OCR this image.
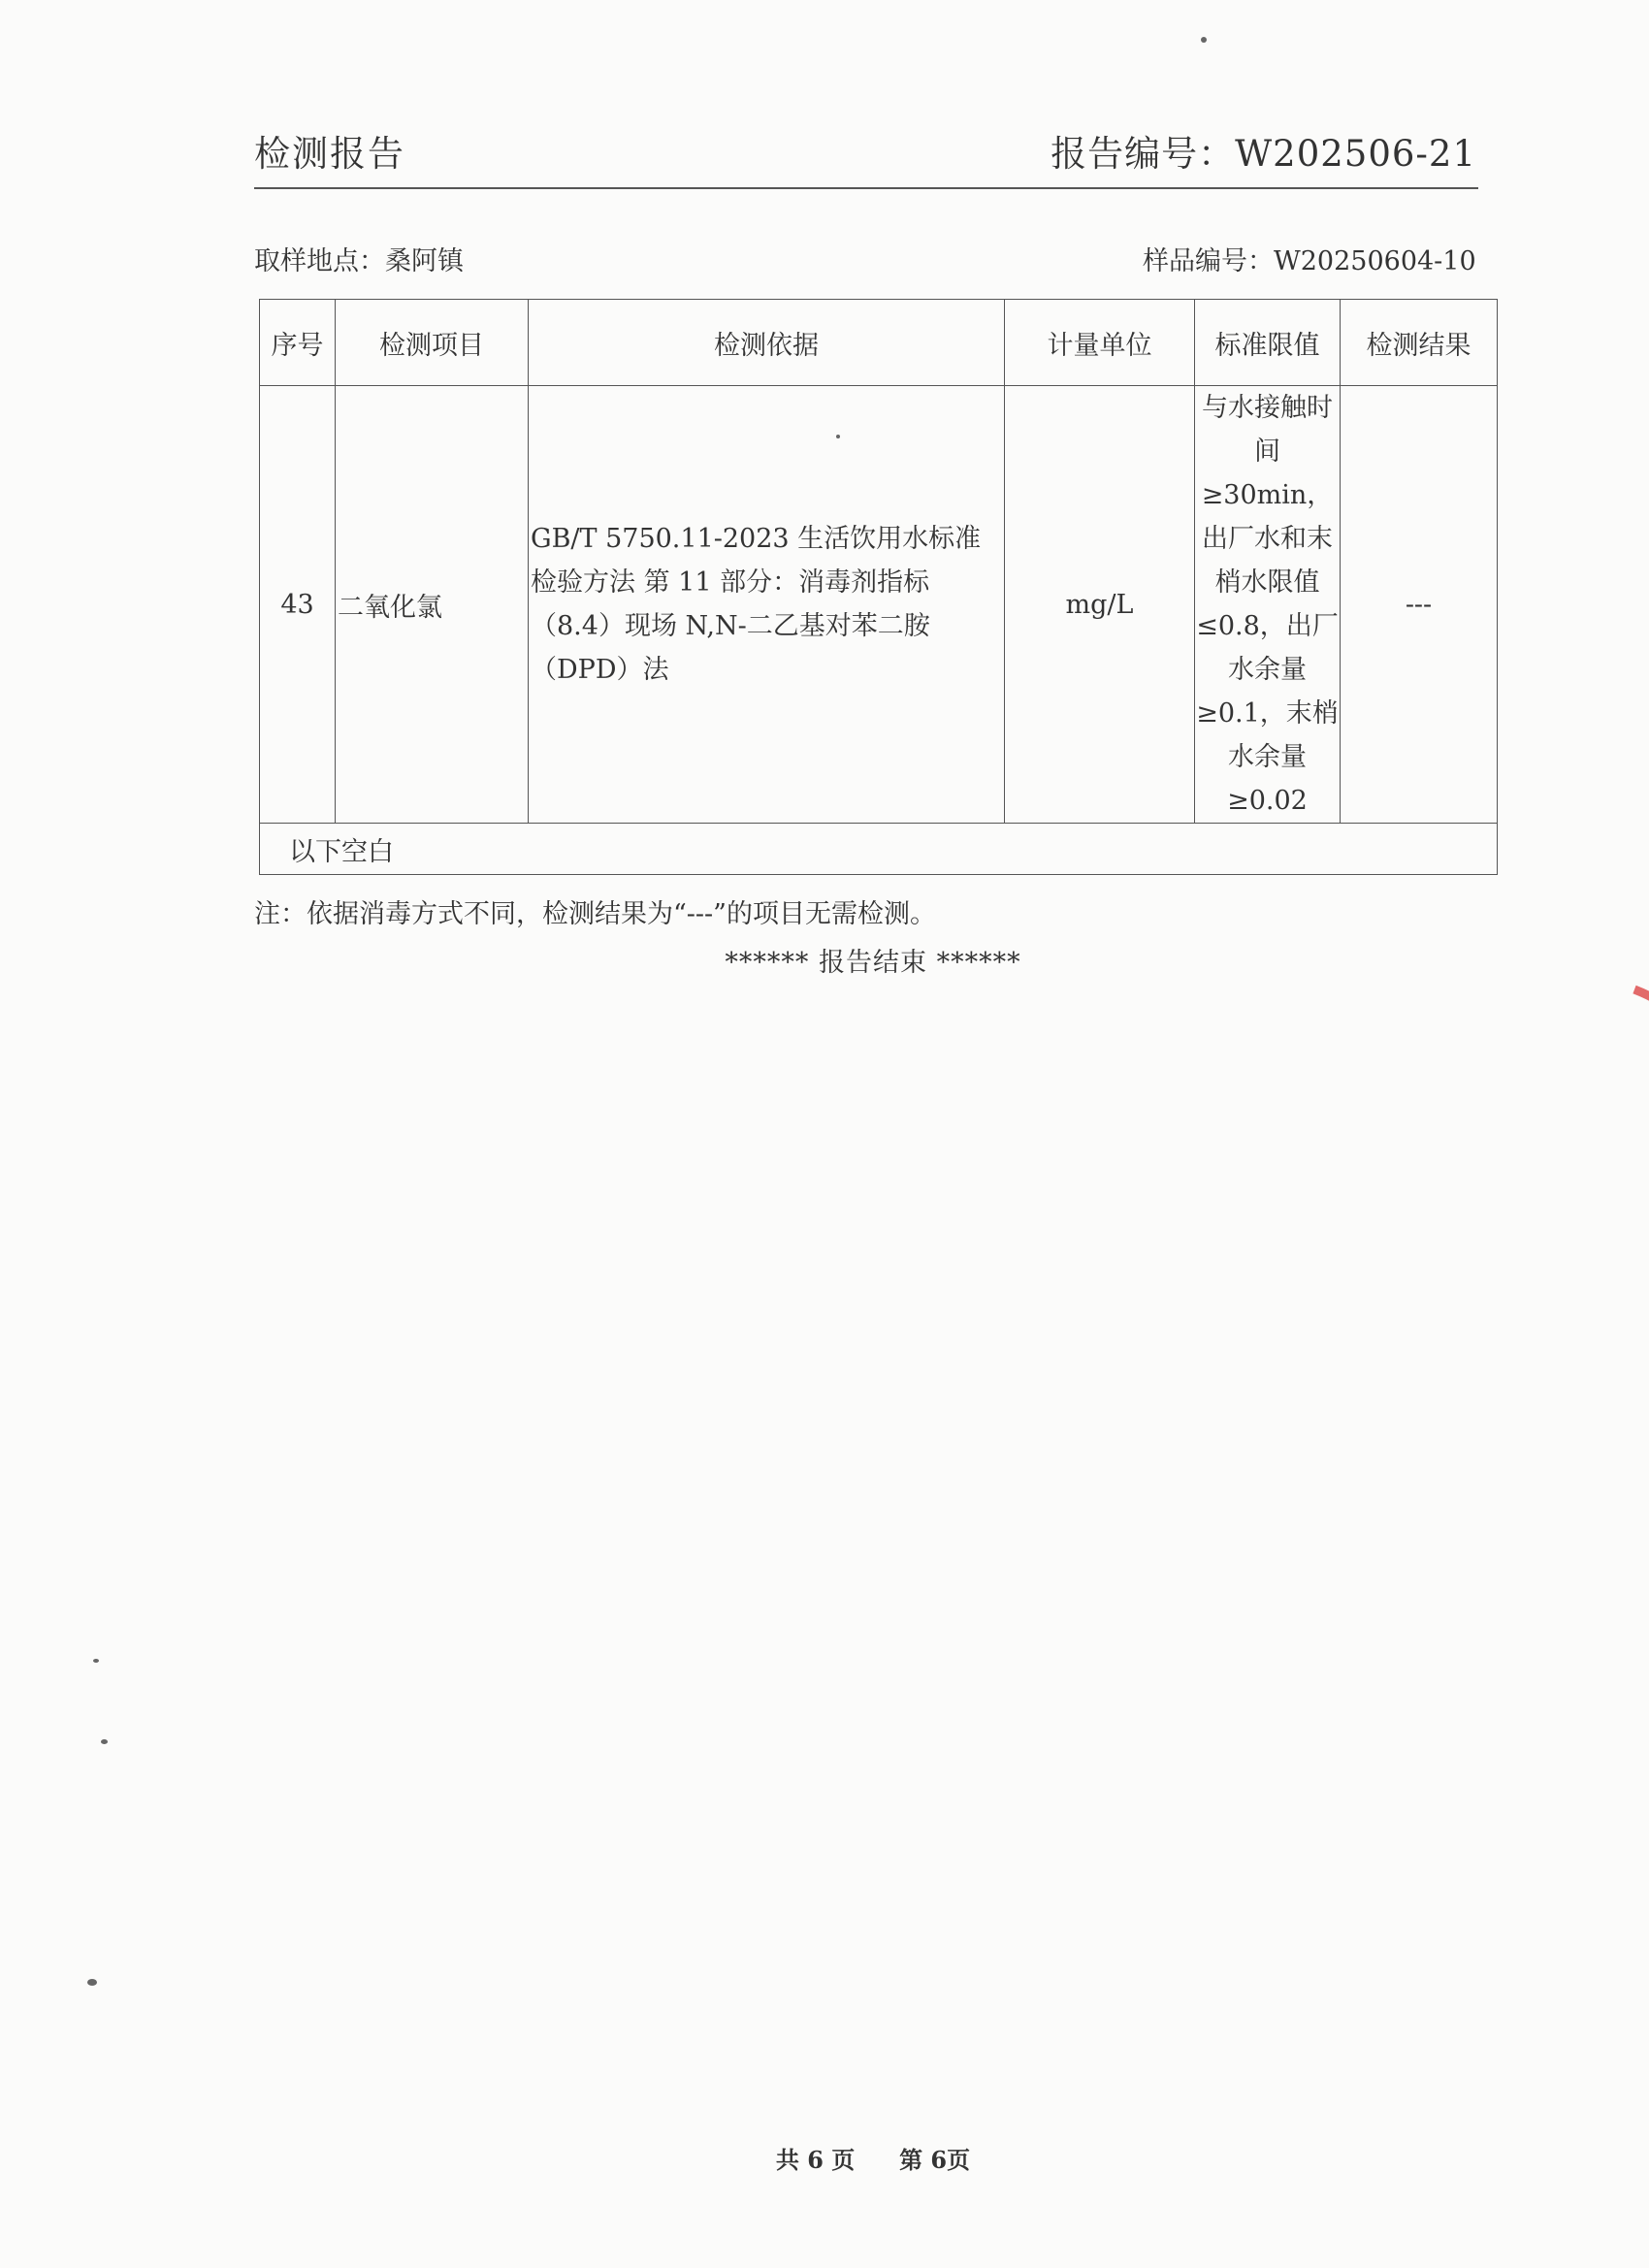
检测报告	报告编号：W202506-21
取样地点：桑阿镇	样品编号：W20250604-10
序号	检测项目	检测依据	计量单位	标准限值	检测结果
43	二氧化氯	GB/T 5750.11-2023 生活饮用水标准检验方法 第 11 部分：消毒剂指标（8.4）现场 N,N-二乙基对苯二胺（DPD）法	mg/L	与水接触时间≥30min，出厂水和末梢水限值≤0.8，出厂水余量≥0.1，末梢水余量≥0.02	---
以下空白					
注：依据消毒方式不同，检测结果为“---”的项目无需检测。
****** 报告结束 ******
共 6 页 第 6页
